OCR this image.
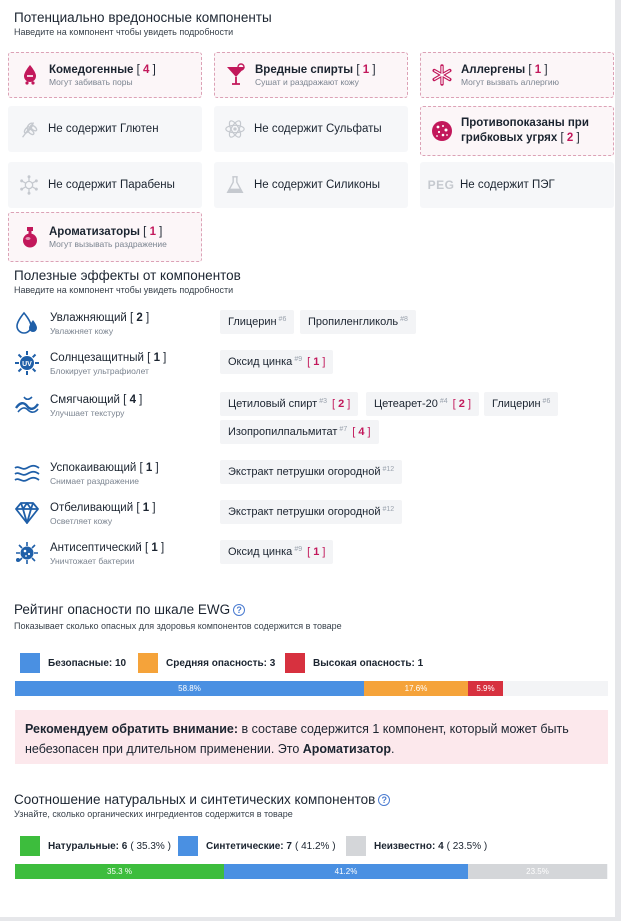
Потенциально вредоносные компоненты
Наведите на компонент чтобы увидеть подробности
Комедогенные [ 4 ]
Могут забивать поры
Вредные спирты [ 1 ]
Сушат и раздражают кожу
Аллергены [ 1 ]
Могут вызвать аллергию
Не содержит Глютен	Не содержит Сульфаты	Противопоказаны при грибковых угрях [ 2 ]
Не содержит Парабены	Не содержит Силиконы	PEG Не содержит ПЭГ
Ароматизаторы [ 1 ]
Могут вызывать раздражение
Полезные эффекты от компонентов
Наведите на компонент чтобы увидеть подробности
Увлажняющий [ 2 ]
Увлажняет кожу
Глицерин $^{\#6}$ Пропиленгликоль $^{\#8}$
UV
Солнцезащитный [ 1 ]
Блокирует ультрафиолет
Оксид цинка $^{\#9}$ [ 1 ]
Смягчающий [ 4 ]
Улучшает текстуру
Цетиловый спирт $^{\#3}$ [ 2 ] Цетеарет-20 $^{\#4}$ [ 2 ] Глицерин $^{\#6}$
Изопропилпальмитат $^{\#7}$ [ 4 ]
Успокаивающий [ 1 ]
Снимает раздражение
Экстракт петрушки огородной $^{\#12}$
Отбеливающий [ 1 ]
Осветляет кожу
Экстракт петрушки огородной $^{\#12}$
Антисептический [ 1 ]
Уничтожает бактерии
Оксид цинка $^{\#9}$ [ 1 ]
Рейтинг опасности по шкале EWG ?
Показывает сколько опасных для здоровья компонентов содержится в товаре
Безопасные: 10	Средняя опасность: 3	Высокая опасность: 1
58.8%	17.6%	5.9%
Рекомендуем обратить внимание: в составе содержится 1 компонент, который может быть небезопасен при длительном применении. Это Ароматизатор.
Соотношение натуральных и синтетических компонентов ?
Узнайте, сколько органических ингредиентов содержится в товаре
Натуральные: 6 ( 35.3% )	Синтетические: 7 ( 41.2% )	Неизвестно: 4 ( 23.5% )
35.3 %	41.2%	23.5%
